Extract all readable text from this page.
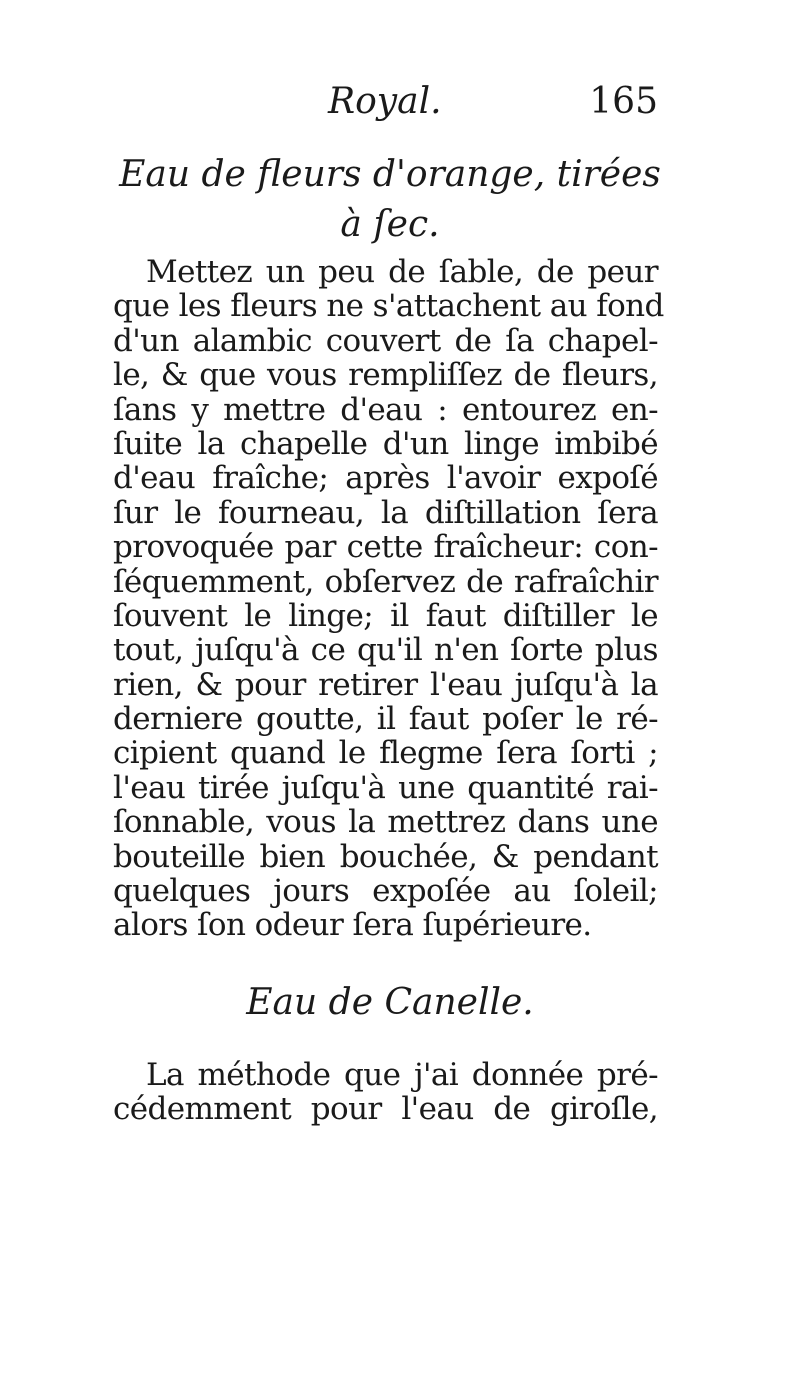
Royal.	165
Eau de fleurs d'orange, tirées
à ſec.
Mettez un peu de ſable, de peur
que les fleurs ne s'attachent au fond
d'un alambic couvert de ſa chapel-
le, & que vous rempliſſez de fleurs,
ſans y mettre d'eau : entourez en-
ſuite la chapelle d'un linge imbibé
d'eau fraîche; après l'avoir expoſé
ſur le fourneau, la diſtillation ſera
provoquée par cette fraîcheur: con-
ſéquemment, obſervez de rafraîchir
ſouvent le linge; il faut diſtiller le
tout, juſqu'à ce qu'il n'en ſorte plus
rien, & pour retirer l'eau juſqu'à la
derniere goutte, il faut poſer le ré-
cipient quand le flegme ſera ſorti ;
l'eau tirée juſqu'à une quantité rai-
ſonnable, vous la mettrez dans une
bouteille bien bouchée, & pendant
quelques jours expoſée au ſoleil;
alors ſon odeur ſera ſupérieure.
Eau de Canelle.
La méthode que j'ai donnée pré-
cédemment pour l'eau de giroſle,
